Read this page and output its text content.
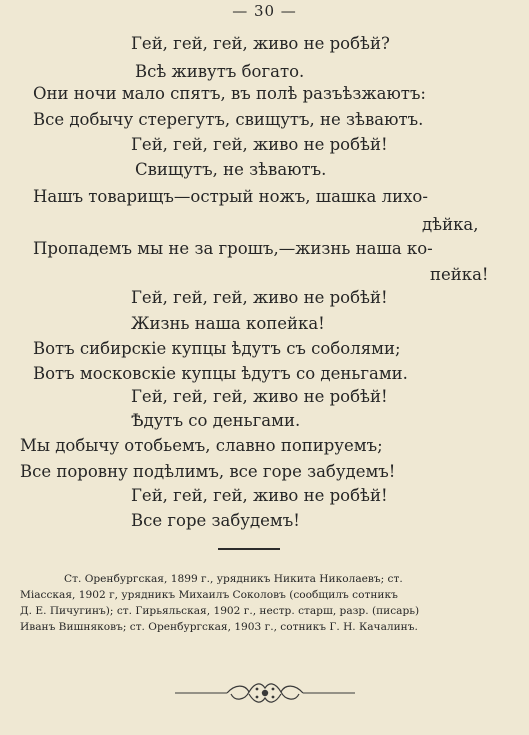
— 30 —
Гей, гей, гей, живо не робѣй?
Всѣ живутъ богато.
Они ночи мало спятъ, въ полѣ разъѣзжаютъ:
Все добычу стерегутъ, свищутъ, не зѣваютъ.
Гей, гей, гей, живо не робѣй!
Свищутъ, не зѣваютъ.
Нашъ товарищъ—острый ножъ, шашка лихо-
дѣйка,
Пропадемъ мы не за грошъ,—жизнь наша ко-
пейка!
Гей, гей, гей, живо не робѣй!
Жизнь наша копейка!
Вотъ сибирскіе купцы ѣдутъ съ соболями;
Вотъ московскіе купцы ѣдутъ со деньгами.
Гей, гей, гей, живо не робѣй!
Ѣдутъ со деньгами.
Мы добычу отобьемъ, славно попируемъ;
Все поровну подѣлимъ, все горе забудемъ!
Гей, гей, гей, живо не робѣй!
Все горе забудемъ!
Ст. Оренбургская, 1899 г., урядникъ Никита Николаевъ; ст.
Міасская, 1902 г, урядникъ Михаилъ Соколовъ (сообщилъ сотникъ
Д. Е. Пичугинъ); ст. Гирьяльская, 1902 г., нестр. старш, разр. (писарь)
Иванъ Вишняковъ; ст. Оренбургская, 1903 г., сотникъ Г. Н. Качалинъ.
